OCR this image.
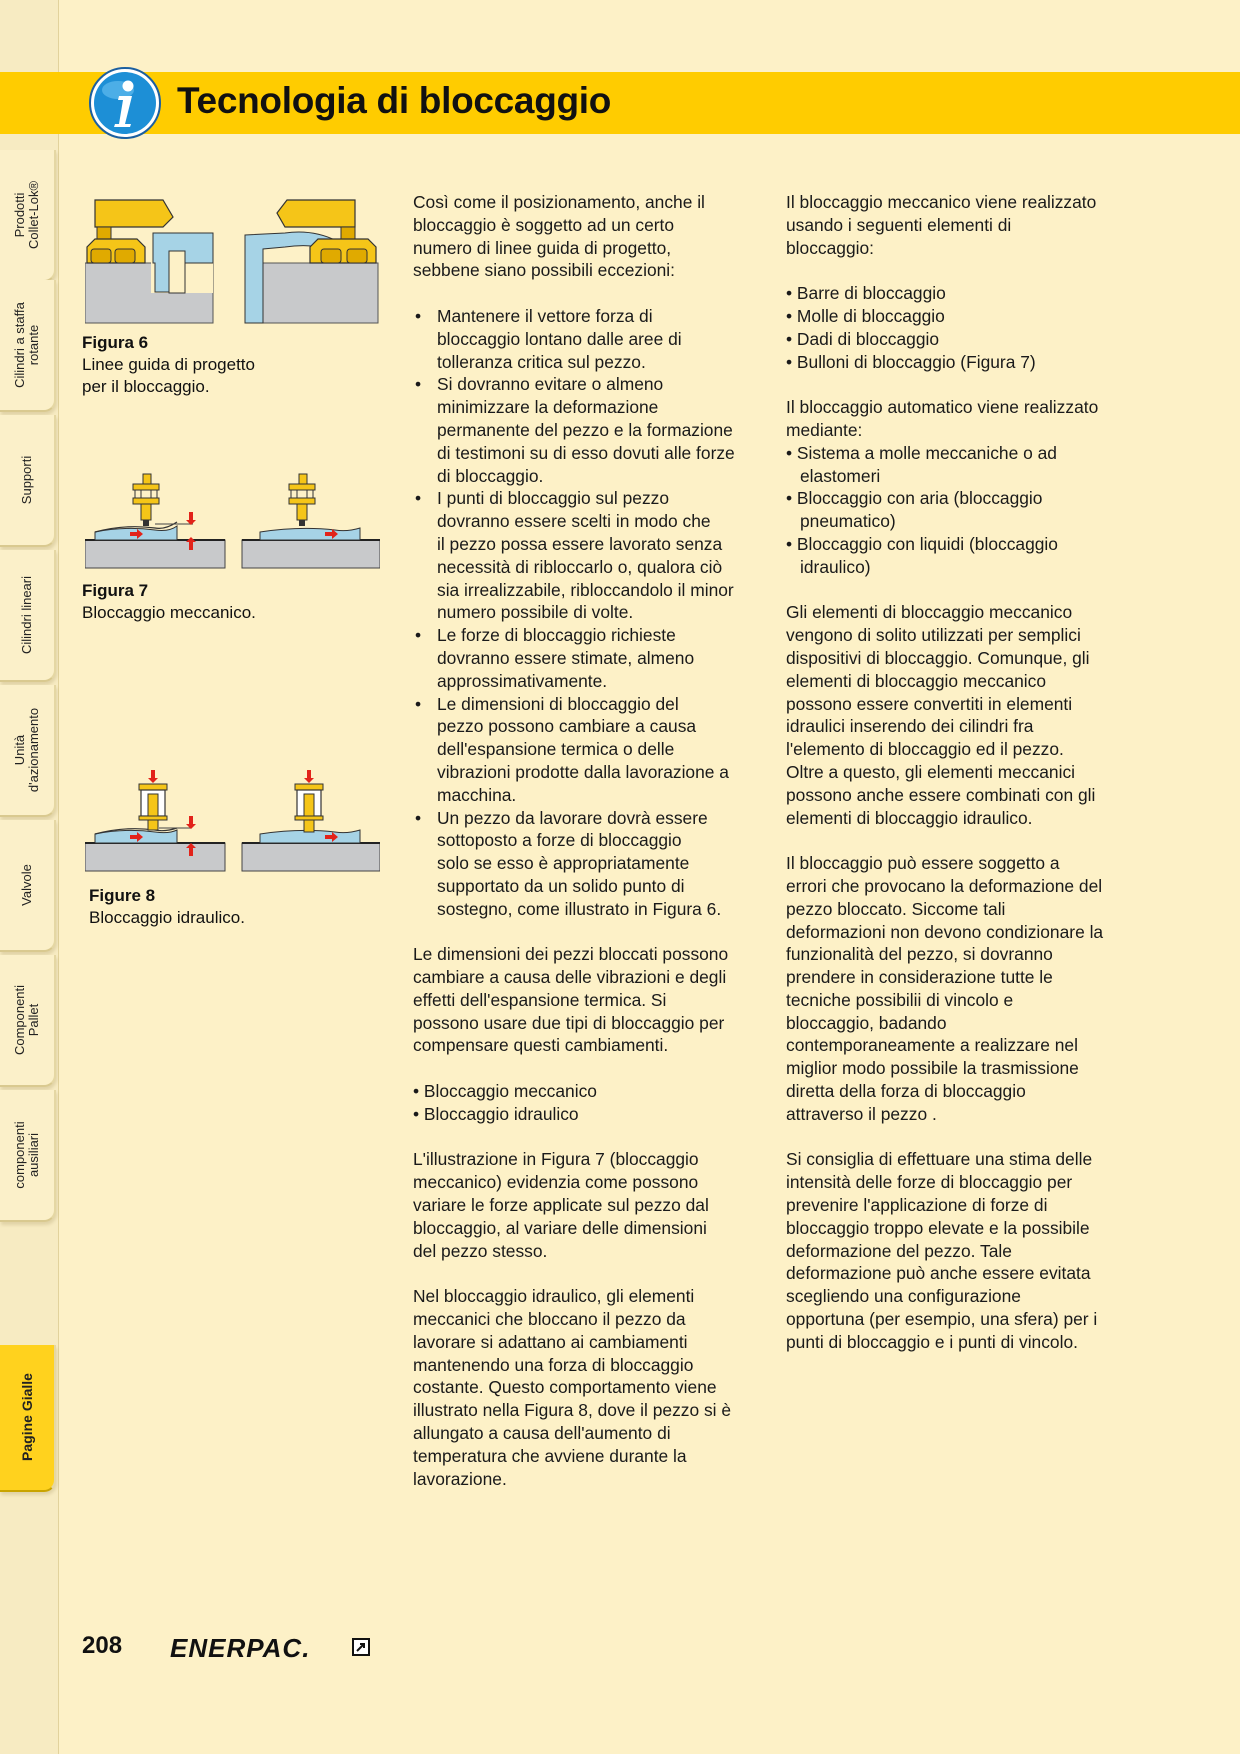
Prodotti
Collet-Lok®
Cilindri a staffa
rotante
Supporti
Cilindri lineari
Unità
d'azionamento
Valvole
Componenti
Pallet
componenti
ausiliari
Pagine Gialle
Tecnologia di bloccaggio
Figura 6
Linee guida di progetto
per il bloccaggio.
Figura 7
Bloccaggio meccanico.
Figure 8
Bloccaggio idraulico.

Così come il posizionamento, anche il
bloccaggio è soggetto ad un certo
numero di linee guida di progetto,
sebbene siano possibili eccezioni:

• Mantenere il vettore forza di
bloccaggio lontano dalle aree di
tolleranza critica sul pezzo.
• Si dovranno evitare o almeno
minimizzare la deformazione
permanente del pezzo e la formazione
di testimoni su di esso dovuti alle forze
di bloccaggio.
• I punti di bloccaggio sul pezzo
dovranno essere scelti in modo che
il pezzo possa essere lavorato senza
necessità di ribloccarlo o, qualora ciò
sia irrealizzabile, ribloccandolo il minor
numero possibile di volte.
• Le forze di bloccaggio richieste
dovranno essere stimate, almeno
approssimativamente.
• Le dimensioni di bloccaggio del
pezzo possono cambiare a causa
dell'espansione termica o delle
vibrazioni prodotte dalla lavorazione a
macchina.
• Un pezzo da lavorare dovrà essere
sottoposto a forze di bloccaggio
solo se esso è appropriatamente
supportato da un solido punto di
sostegno, come illustrato in Figura 6.

Le dimensioni dei pezzi bloccati possono
cambiare a causa delle vibrazioni e degli
effetti dell'espansione termica. Si
possono usare due tipi di bloccaggio per
compensare questi cambiamenti.

• Bloccaggio meccanico
• Bloccaggio idraulico

L'illustrazione in Figura 7 (bloccaggio
meccanico) evidenzia come possono
variare le forze applicate sul pezzo dal
bloccaggio, al variare delle dimensioni
del pezzo stesso.

Nel bloccaggio idraulico, gli elementi
meccanici che bloccano il pezzo da
lavorare si adattano ai cambiamenti
mantenendo una forza di bloccaggio
costante. Questo comportamento viene
illustrato nella Figura 8, dove il pezzo si è
allungato a causa dell'aumento di
temperatura che avviene durante la
lavorazione.

Il bloccaggio meccanico viene realizzato
usando i seguenti elementi di
bloccaggio:

• Barre di bloccaggio
• Molle di bloccaggio
• Dadi di bloccaggio
• Bulloni di bloccaggio (Figura 7)

Il bloccaggio automatico viene realizzato
mediante:

• Sistema a molle meccaniche o ad
elastomeri
• Bloccaggio con aria (bloccaggio
pneumatico)
• Bloccaggio con liquidi (bloccaggio
idraulico)

Gli elementi di bloccaggio meccanico
vengono di solito utilizzati per semplici
dispositivi di bloccaggio. Comunque, gli
elementi di bloccaggio meccanico
possono essere convertiti in elementi
idraulici inserendo dei cilindri fra
l'elemento di bloccaggio ed il pezzo.
Oltre a questo, gli elementi meccanici
possono anche essere combinati con gli
elementi di bloccaggio idraulico.

Il bloccaggio può essere soggetto a
errori che provocano la deformazione del
pezzo bloccato. Siccome tali
deformazioni non devono condizionare la
funzionalità del pezzo, si dovranno
prendere in considerazione tutte le
tecniche possibilii di vincolo e
bloccaggio, badando
contemporaneamente a realizzare nel
miglior modo possibile la trasmissione
diretta della forza di bloccaggio
attraverso il pezzo .

Si consiglia di effettuare una stima delle
intensità delle forze di bloccaggio per
prevenire l'applicazione di forze di
bloccaggio troppo elevate e la possibile
deformazione del pezzo. Tale
deformazione può anche essere evitata
scegliendo una configurazione
opportuna (per esempio, una sfera) per i
punti di bloccaggio e i punti di vincolo.

208 ENERPAC.
